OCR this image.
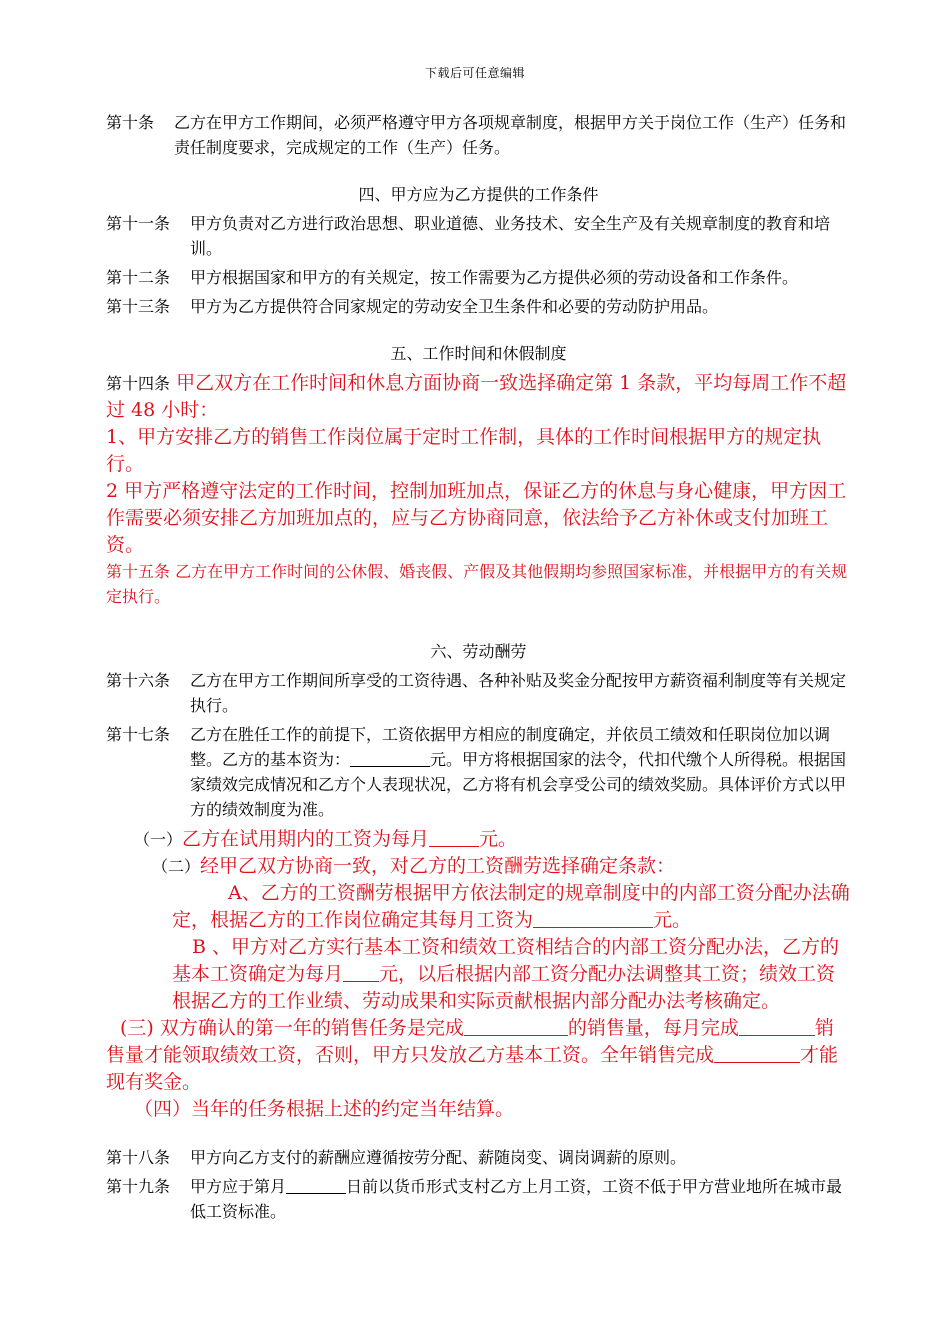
下载后可任意编辑

第十条 乙方在甲方工作期间，必须严格遵守甲方各项规章制度，根据甲方关于岗位工作（生产）任务和责任制度要求，完成规定的工作（生产）任务。

四、甲方应为乙方提供的工作条件

第十一条 甲方负责对乙方进行政治思想、职业道德、业务技术、安全生产及有关规章制度的教育和培训。

第十二条 甲方根据国家和甲方的有关规定，按工作需要为乙方提供必须的劳动设备和工作条件。

第十三条 甲方为乙方提供符合同家规定的劳动安全卫生条件和必要的劳动防护用品。

五、工作时间和休假制度

第十四条 甲乙双方在工作时间和休息方面协商一致选择确定第 1 条款，平均每周工作不超过 48 小时：

1、甲方安排乙方的销售工作岗位属于定时工作制，具体的工作时间根据甲方的规定执行。

2 甲方严格遵守法定的工作时间，控制加班加点，保证乙方的休息与身心健康，甲方因工作需要必须安排乙方加班加点的，应与乙方协商同意，依法给予乙方补休或支付加班工资。

第十五条 乙方在甲方工作时间的公休假、婚丧假、产假及其他假期均参照国家标准，并根据甲方的有关规定执行。

六、劳动酬劳

第十六条 乙方在甲方工作期间所享受的工资待遇、各种补贴及奖金分配按甲方薪资福利制度等有关规定执行。

第十七条 乙方在胜任工作的前提下，工资依据甲方相应的制度确定，并依员工绩效和任职岗位加以调整。乙方的基本资为：	元。甲方将根据国家的法令，代扣代缴个人所得税。根据国家绩效完成情况和乙方个人表现状况，乙方将有机会享受公司的绩效奖励。具体评价方式以甲方的绩效制度为准。

（一）乙方在试用期内的工资为每月	元。

（二）经甲乙双方协商一致，对乙方的工资酬劳选择确定条款：

A、乙方的工资酬劳根据甲方依法制定的规章制度中的内部工资分配办法确定，根据乙方的工作岗位确定其每月工资为	元。

B 、甲方对乙方实行基本工资和绩效工资相结合的内部工资分配办法，乙方的基本工资确定为每月 元，以后根据内部工资分配办法调整其工资；绩效工资根据乙方的工作业绩、劳动成果和实际贡献根据内部分配办法考核确定。

(三) 双方确认的第一年的销售任务是完成	的销售量，每月完成	销售量才能领取绩效工资，否则，甲方只发放乙方基本工资。全年销售完成	才能现有奖金。

（四）当年的任务根据上述的约定当年结算。

第十八条 甲方向乙方支付的薪酬应遵循按劳分配、薪随岗变、调岗调薪的原则。

第十九条 甲方应于第月	日前以货币形式支村乙方上月工资，工资不低于甲方营业地所在城市最低工资标准。
